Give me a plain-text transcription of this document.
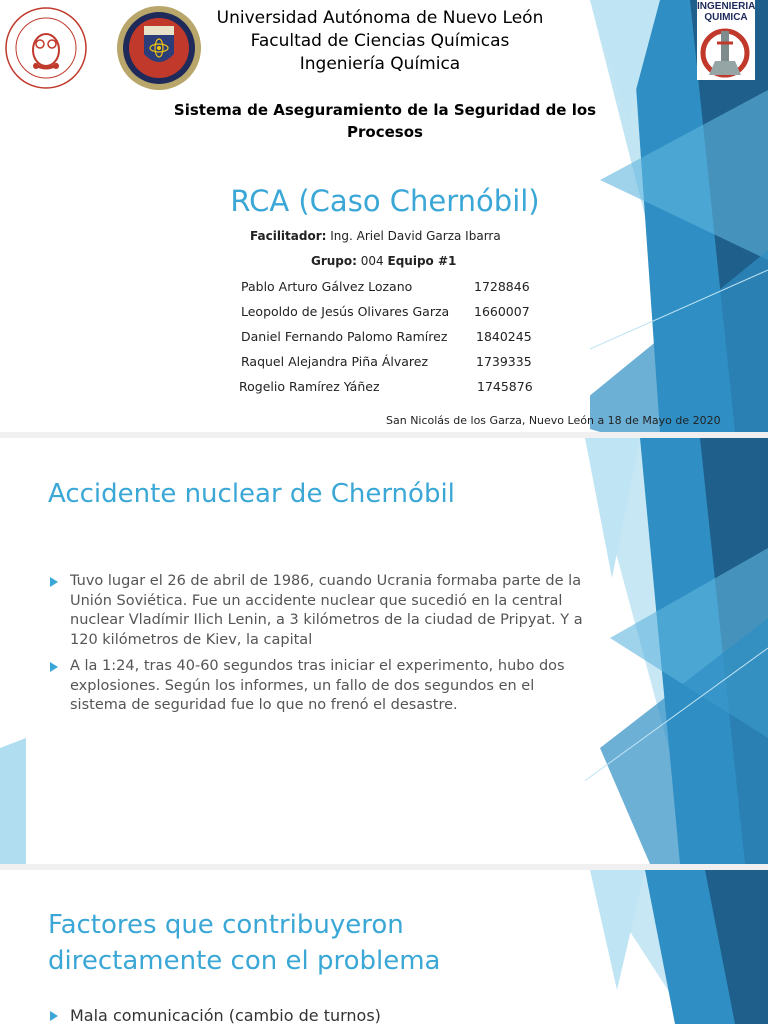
INGENIERIA
QUIMICA
Universidad Autónoma de Nuevo León
Facultad de Ciencias Químicas
Ingeniería Química
Sistema de Aseguramiento de la Seguridad de los
Procesos
RCA (Caso Chernóbil)
Facilitador: Ing. Ariel David Garza Ibarra
Grupo: 004 Equipo #1
Pablo Arturo Gálvez Lozano	1728846
Leopoldo de Jesús Olivares Garza 1660007
Daniel Fernando Palomo Ramírez 1840245
Raquel Alejandra Piña Álvarez	1739335
Rogelio Ramírez Yáñez	1745876
San Nicolás de los Garza, Nuevo León a 18 de Mayo de 2020
Accidente nuclear de Chernóbil
Tuvo lugar el 26 de abril de 1986, cuando Ucrania formaba parte de la Unión Soviética. Fue un accidente nuclear que sucedió en la central nuclear Vladímir Ilich Lenin, a 3 kilómetros de la ciudad de Pripyat. Y a 120 kilómetros de Kiev, la capital
A la 1:24, tras 40-60 segundos tras iniciar el experimento, hubo dos explosiones. Según los informes, un fallo de dos segundos en el sistema de seguridad fue lo que no frenó el desastre.
Factores que contribuyeron
directamente con el problema
Mala comunicación (cambio de turnos)
